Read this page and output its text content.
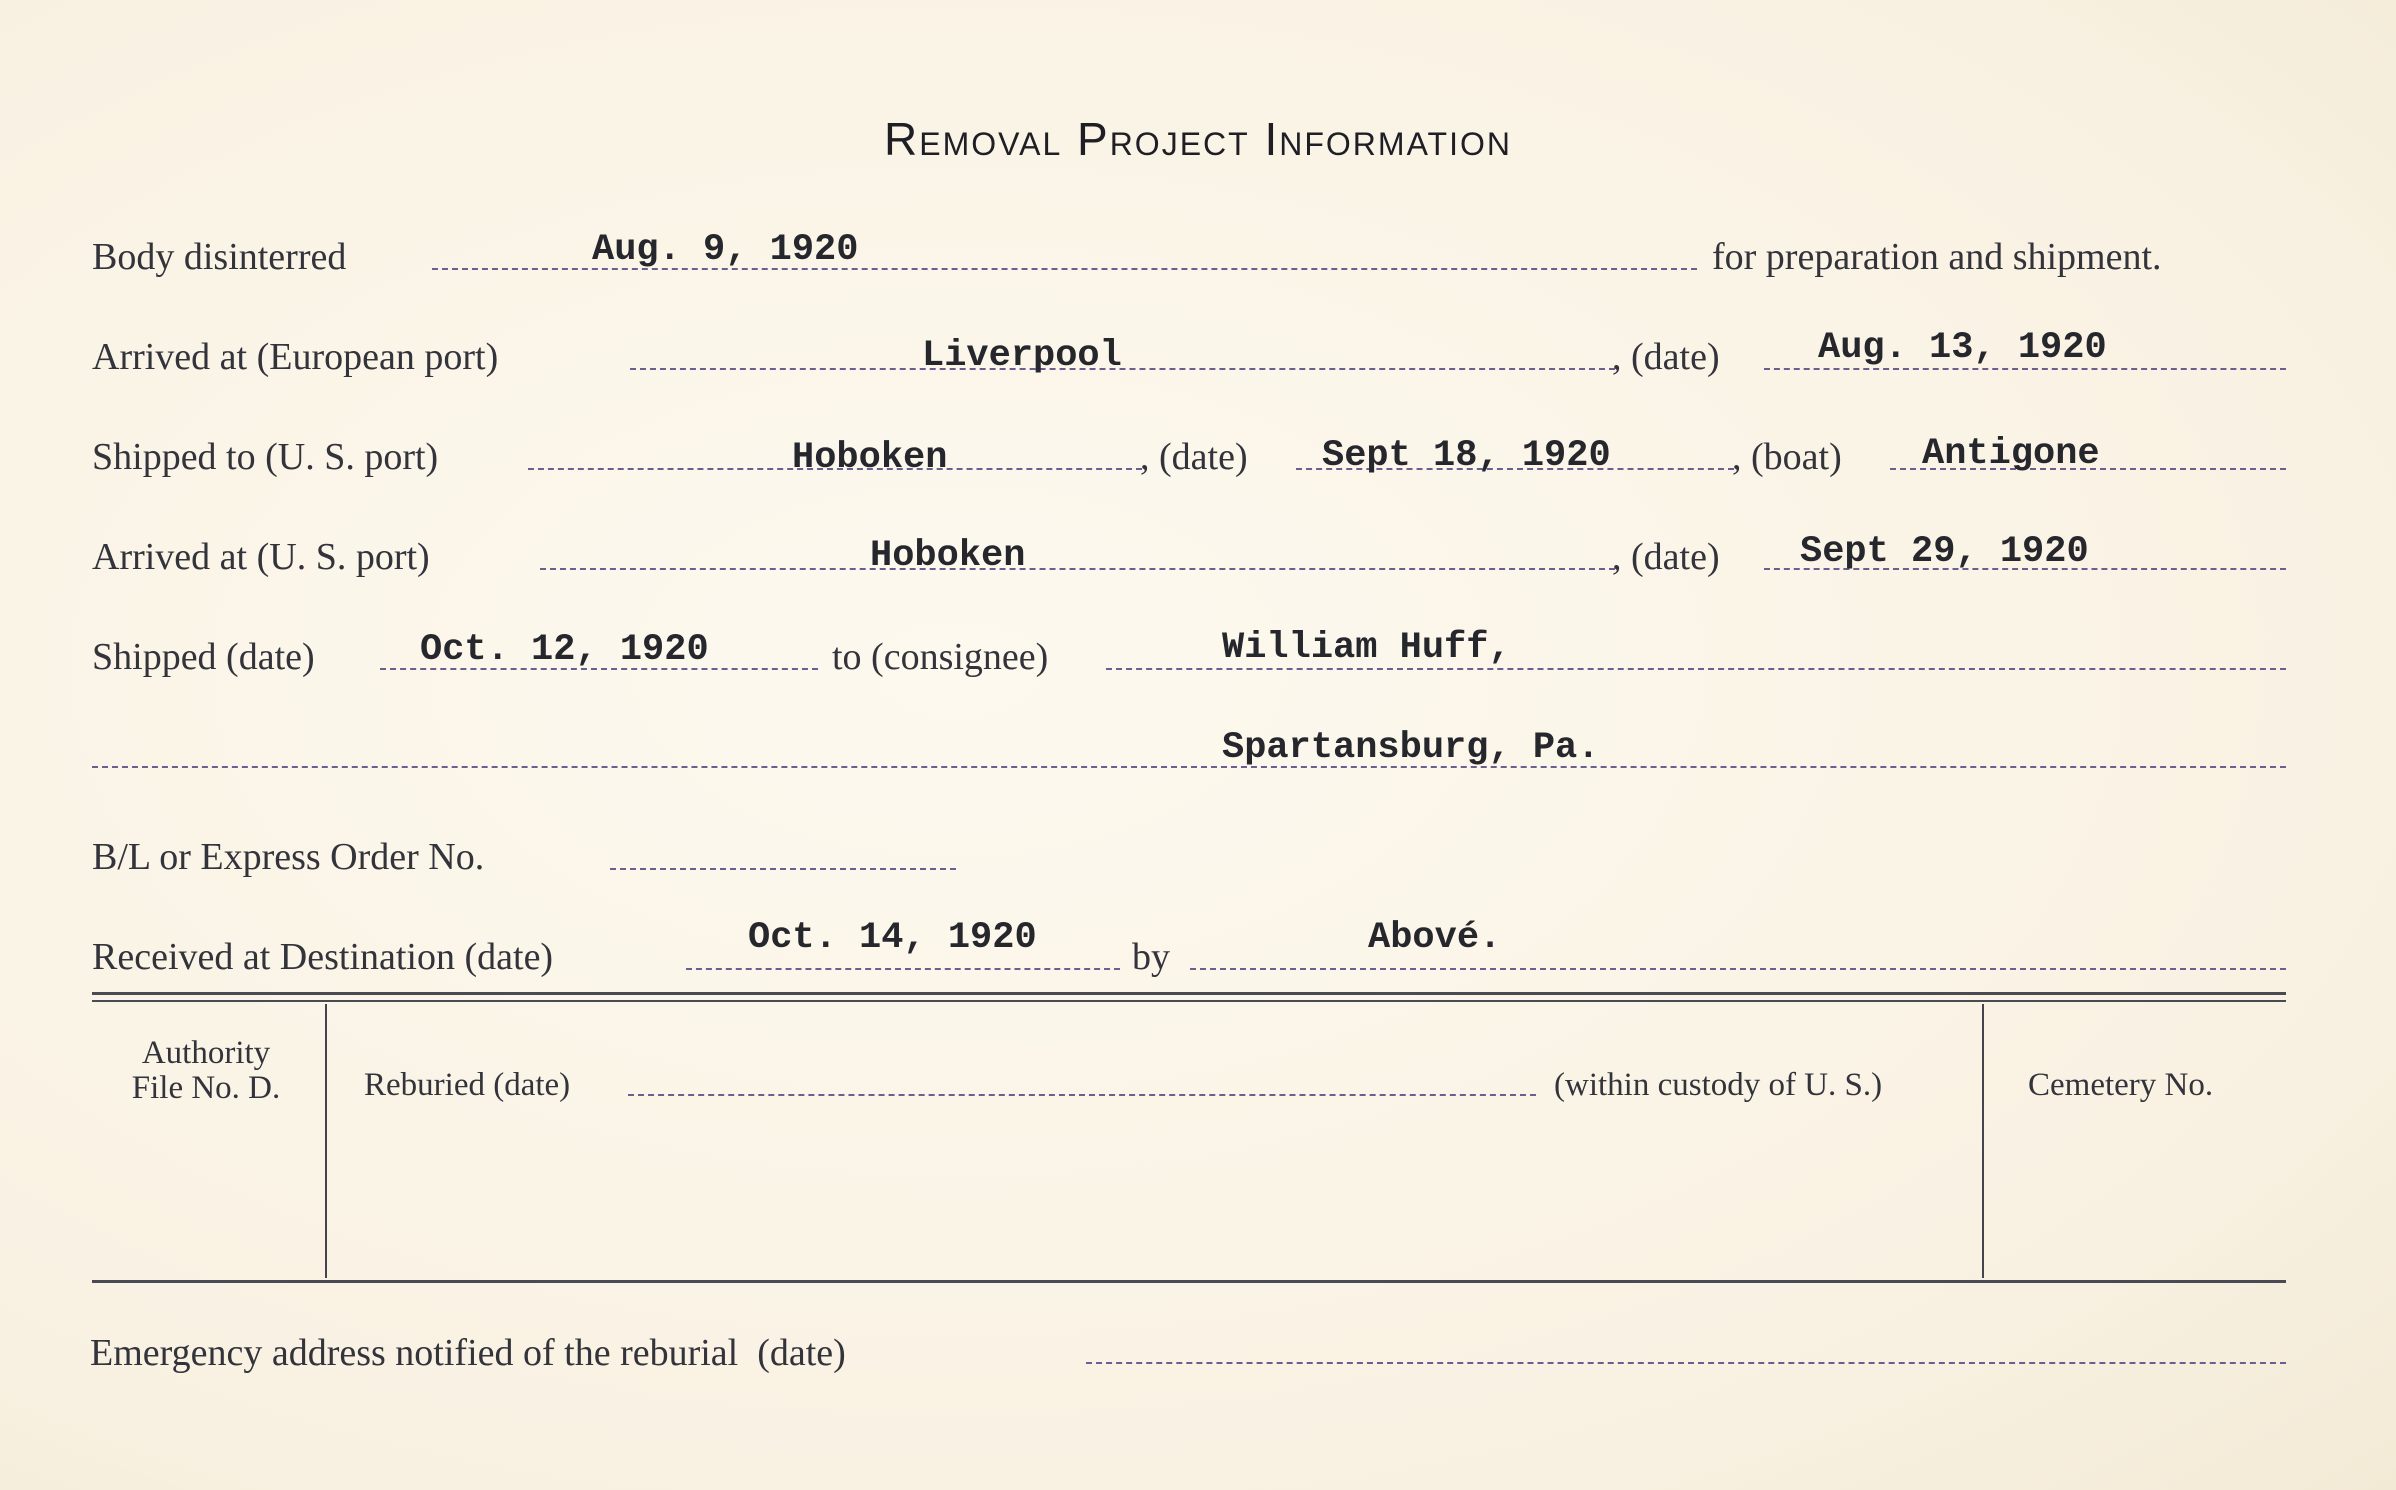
Removal Project Information
Body disinterred	Aug. 9, 1920	for preparation and shipment.
Arrived at (European port)	Liverpool	, (date)	Aug. 13, 1920
Shipped to (U. S. port)	Hoboken	, (date) Sept 18, 1920	, (boat) Antigone
Arrived at (U. S. port)	Hoboken	, (date) Sept 29, 1920
Shipped (date)	Oct. 12, 1920	to (consignee)	William Huff,
Spartansburg, Pa.
B/L or Express Order No.
Received at Destination (date)	Oct. 14, 1920	by	Abové.
Authority
File No. D.	Reburied (date)	(within custody of U. S.)	Cemetery No.
Emergency address notified of the reburial  (date)
